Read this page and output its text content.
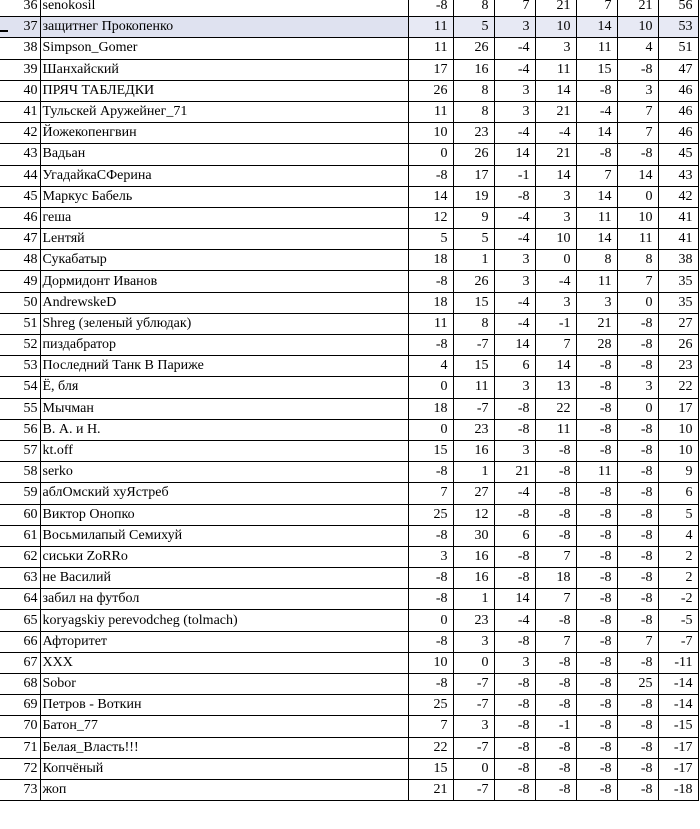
36	senokosil	-8	8	7	21	7	21	56
37	защитнег Прокопенко	11	5	3	10	14	10	53
38	Simpson_Gomer	11	26	-4	3	11	4	51
39	Шанхайский	17	16	-4	11	15	-8	47
40	ПРЯЧ ТАБЛЕДКИ	26	8	3	14	-8	3	46
41	Тульскей Аружейнег_71	11	8	3	21	-4	7	46
42	Йожекопенгвин	10	23	-4	-4	14	7	46
43	Вадьан	0	26	14	21	-8	-8	45
44	УгадайкаСФерина	-8	17	-1	14	7	14	43
45	Маркус Бабель	14	19	-8	3	14	0	42
46	геша	12	9	-4	3	11	10	41
47	Lентяй	5	5	-4	10	14	11	41
48	Сукабатыр	18	1	3	0	8	8	38
49	Дормидонт Иванов	-8	26	3	-4	11	7	35
50	AndrewskeD	18	15	-4	3	3	0	35
51	Shreg (зеленый ублюдак)	11	8	-4	-1	21	-8	27
52	пиздабратор	-8	-7	14	7	28	-8	26
53	Последний Танк В Париже	4	15	6	14	-8	-8	23
54	Ё, бля	0	11	3	13	-8	3	22
55	Мычман	18	-7	-8	22	-8	0	17
56	В. А. и Н.	0	23	-8	11	-8	-8	10
57	kt.off	15	16	3	-8	-8	-8	10
58	serko	-8	1	21	-8	11	-8	9
59	аблОмский хуЯстреб	7	27	-4	-8	-8	-8	6
60	Виктор Онопко	25	12	-8	-8	-8	-8	5
61	Восьмилапый Семихуй	-8	30	6	-8	-8	-8	4
62	сиськи ZoRRo	3	16	-8	7	-8	-8	2
63	не Василий	-8	16	-8	18	-8	-8	2
64	забил на футбол	-8	1	14	7	-8	-8	-2
65	koryagskiy perevodcheg (tolmach)	0	23	-4	-8	-8	-8	-5
66	Афторитет	-8	3	-8	7	-8	7	-7
67	XXX	10	0	3	-8	-8	-8	-11
68	Sobor	-8	-7	-8	-8	-8	25	-14
69	Петров - Воткин	25	-7	-8	-8	-8	-8	-14
70	Батон_77	7	3	-8	-1	-8	-8	-15
71	Белая_Власть!!!	22	-7	-8	-8	-8	-8	-17
72	Копчёный	15	0	-8	-8	-8	-8	-17
73	жоп	21	-7	-8	-8	-8	-8	-18
